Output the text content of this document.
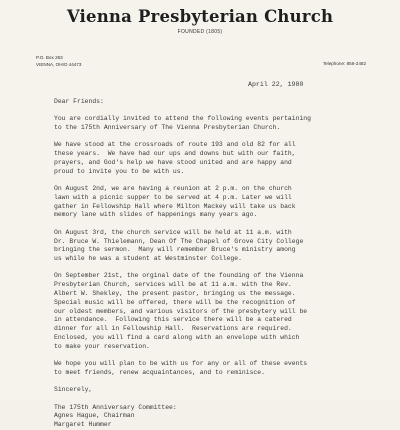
Vienna Presbyterian Church
FOUNDED (1805)
P.O. Box 263
VIENNA, OHIO 44473	Telephone: 856-2482
April 22, 1980
Dear Friends:
You are cordially invited to attend the following events pertaining
to the 175th Anniversary of The Vienna Presbyterian Church.
We have stood at the crossroads of route 193 and old 82 for all
these years.  We have had our ups and downs but with our faith,
prayers, and God's help we have stood united and are happy and
proud to invite you to be with us.
On August 2nd, we are having a reunion at 2 p.m. on the church
lawn with a picnic supper to be served at 4 p.m. Later we will
gather in Fellowship Hall where Milton Mackey will take us back
memory lane with slides of happenings many years ago.
On August 3rd, the church service will be held at 11 a.m. with
Dr. Bruce W. Thielemann, Dean Of The Chapel of Grove City College
bringing the sermon.  Many will remember Bruce's ministry among
us while he was a student at Westminster College.
On September 21st, the orginal date of the founding of the Vienna
Presbyterian Church, services will be at 11 a.m. with the Rev.
Albert W. Shekley, the present pastor, bringing us the message.
Special music will be offered, there will be the recognition of
our oldest members, and various visitors of the presbytery will be
in attendance.  Following this service there will be a catered
dinner for all in Fellowship Hall.  Reservations are required.
Enclosed, you will find a card along with an envelope with which
to make your reservation.
We hope you will plan to be with us for any or all of these events
to meet friends, renew acquaintances, and to reminisce.
Sincerely,
The 175th Anniversary Committee:
Agnes Hague, Chairman
Margaret Hummer
